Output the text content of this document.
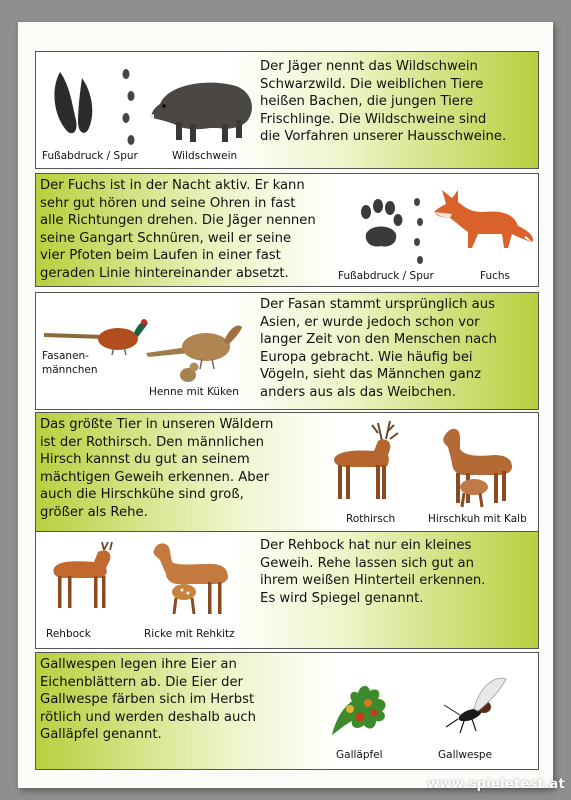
Fußabdruck / Spur	Wildschwein
Der Jäger nennt das Wildschwein
Schwarzwild. Die weiblichen Tiere
heißen Bachen, die jungen Tiere
Frischlinge. Die Wildschweine sind
die Vorfahren unserer Hausschweine.
Der Fuchs ist in der Nacht aktiv. Er kann
sehr gut hören und seine Ohren in fast
alle Richtungen drehen. Die Jäger nennen
seine Gangart Schnüren, weil er seine
vier Pfoten beim Laufen in einer fast
geraden Linie hintereinander absetzt.	Fußabdruck / Spur	Fuchs
Fasanen-
männchen
Henne mit Küken
Der Fasan stammt ursprünglich aus
Asien, er wurde jedoch schon vor
langer Zeit von den Menschen nach
Europa gebracht. Wie häufig bei
Vögeln, sieht das Männchen ganz
anders aus als das Weibchen.
Das größte Tier in unseren Wäldern
ist der Rothirsch. Den männlichen
Hirsch kannst du gut an seinem
mächtigen Geweih erkennen. Aber
auch die Hirschkühe sind groß,
größer als Rehe.	Rothirsch	Hirschkuh mit Kalb
Rehbock	Ricke mit Rehkitz
Der Rehbock hat nur ein kleines
Geweih. Rehe lassen sich gut an
ihrem weißen Hinterteil erkennen.
Es wird Spiegel genannt.
Gallwespen legen ihre Eier an
Eichenblättern ab. Die Eier der
Gallwespe färben sich im Herbst
rötlich und werden deshalb auch
Galläpfel genannt.
Galläpfel	Gallwespe
www.spieletest.at
